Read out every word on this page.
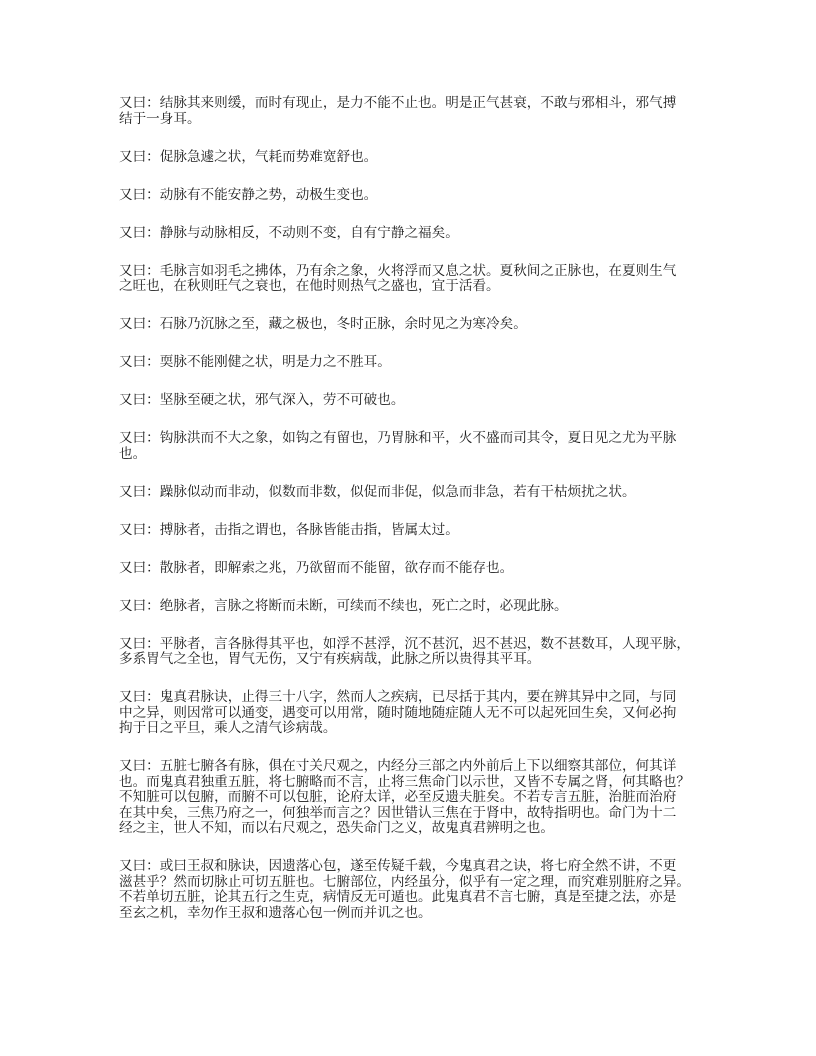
又曰：结脉其来则缓，而时有现止，是力不能不止也。明是正气甚衰，不敢与邪相斗，邪气搏
结于一身耳。

又曰：促脉急遽之状，气耗而势难宽舒也。

又曰：动脉有不能安静之势，动极生变也。

又曰：静脉与动脉相反，不动则不变，自有宁静之福矣。

又曰：毛脉言如羽毛之拂体，乃有余之象，火将浮而又息之状。夏秋间之正脉也，在夏则生气
之旺也，在秋则旺气之衰也，在他时则热气之盛也，宜于活看。

又曰：石脉乃沉脉之至，藏之极也，冬时正脉，余时见之为寒冷矣。

又曰：耎脉不能刚健之状，明是力之不胜耳。

又曰：坚脉至硬之状，邪气深入，劳不可破也。

又曰：钩脉洪而不大之象，如钩之有留也，乃胃脉和平，火不盛而司其令，夏日见之尤为平脉
也。

又曰：躁脉似动而非动，似数而非数，似促而非促，似急而非急，若有干枯烦扰之状。

又曰：搏脉者，击指之谓也，各脉皆能击指，皆属太过。

又曰：散脉者，即解索之兆，乃欲留而不能留，欲存而不能存也。

又曰：绝脉者，言脉之将断而未断，可续而不续也，死亡之时，必现此脉。

又曰：平脉者，言各脉得其平也，如浮不甚浮，沉不甚沉，迟不甚迟，数不甚数耳，人现平脉，
多系胃气之全也，胃气无伤，又宁有疾病哉，此脉之所以贵得其平耳。

又曰：鬼真君脉诀，止得三十八字，然而人之疾病，已尽括于其内，要在辨其异中之同，与同
中之异，则因常可以通变，遇变可以用常，随时随地随症随人无不可以起死回生矣，又何必拘
拘于日之平旦，乘人之清气诊病哉。

又曰：五脏七腑各有脉，俱在寸关尺观之，内经分三部之内外前后上下以细察其部位，何其详
也。而鬼真君独重五脏，将七腑略而不言，止将三焦命门以示世，又皆不专属之肾，何其略也？
不知脏可以包腑，而腑不可以包脏，论府太详，必至反遗夫脏矣。不若专言五脏，治脏而治府
在其中矣，三焦乃府之一，何独举而言之？因世错认三焦在于肾中，故特指明也。命门为十二
经之主，世人不知，而以右尺观之，恐失命门之义，故鬼真君辨明之也。

又曰：或曰王叔和脉诀，因遗落心包，遂至传疑千载，今鬼真君之诀，将七府全然不讲，不更
滋甚乎？然而切脉止可切五脏也。七腑部位，内经虽分，似乎有一定之理，而究难别脏府之异。
不若单切五脏，论其五行之生克，病情反无可遁也。此鬼真君不言七腑，真是至捷之法，亦是
至玄之机，幸勿作王叔和遗落心包一例而并讥之也。
